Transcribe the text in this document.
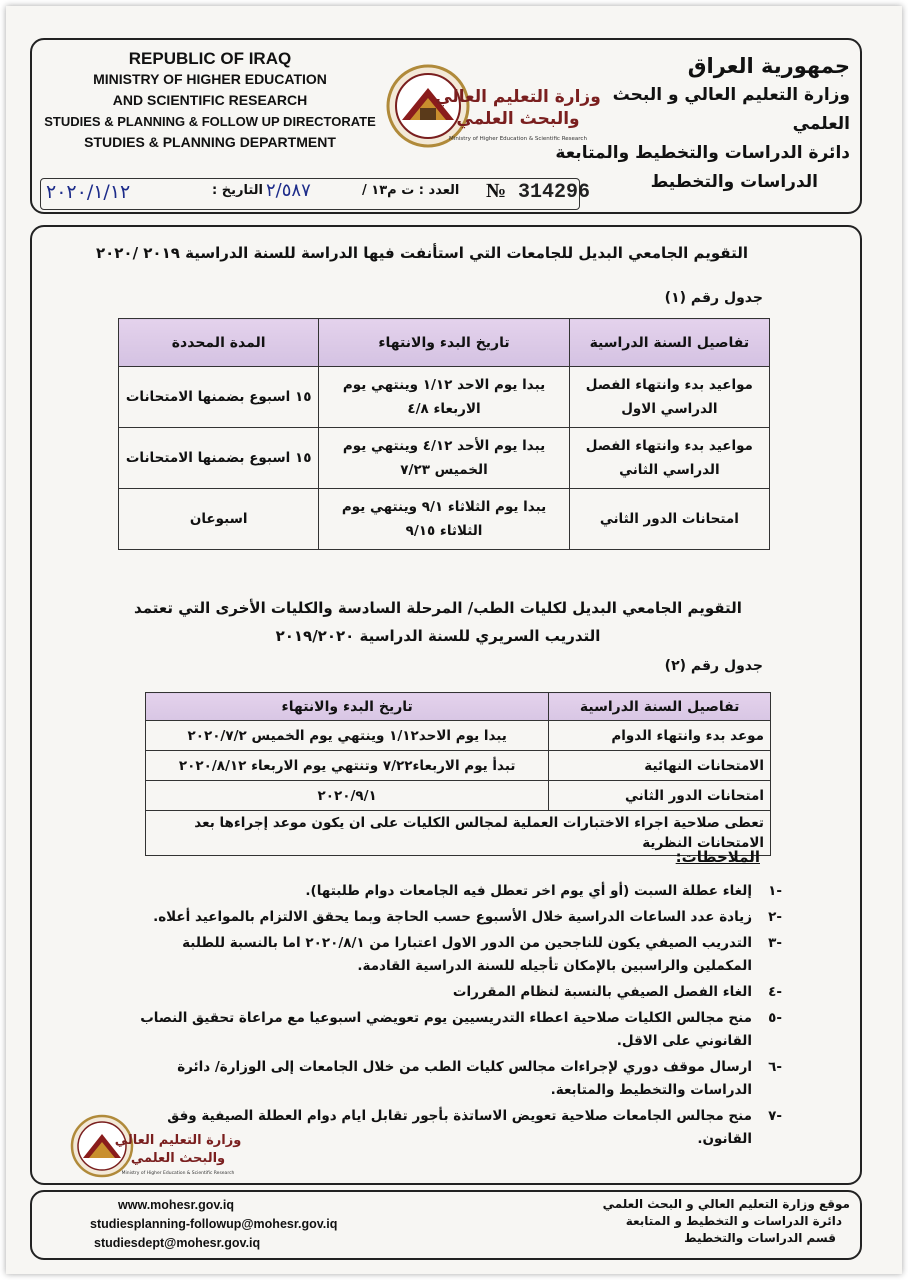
REPUBLIC OF IRAQ
MINISTRY OF HIGHER EDUCATION
AND SCIENTIFIC RESEARCH
STUDIES & PLANNING & FOLLOW UP DIRECTORATE
STUDIES & PLANNING DEPARTMENT
وزارة التعليم العالي
والبحث العلمي
Ministry of Higher Education & Scientific Research
جمهورية العراق
وزارة التعليم العالي و البحث العلمي
دائرة الدراسات والتخطيط والمتابعة
الدراسات والتخطيط
٢٠٢٠/١/١٢	التاريخ : ٢/٥٨٧	العدد : ت م١٣ / № 314296
التقويم الجامعي البديل للجامعات التي استأنفت فيها الدراسة للسنة الدراسية ٢٠١٩ /٢٠٢٠
جدول رقم (١)
تفاصيل السنة الدراسية	تاريخ البدء والانتهاء	المدة المحددة
مواعيد بدء وانتهاء الفصل الدراسي الاول	يبدا يوم الاحد ١/١٢ وينتهي يوم الاربعاء ٤/٨	١٥ اسبوع بضمنها الامتحانات
مواعيد بدء وانتهاء الفصل الدراسي الثاني	يبدا يوم الأحد ٤/١٢ وينتهي يوم الخميس ٧/٢٣	١٥ اسبوع بضمنها الامتحانات
امتحانات الدور الثاني	يبدا يوم الثلاثاء ٩/١ وينتهي يوم الثلاثاء ٩/١٥	اسبوعان
التقويم الجامعي البديل لكليات الطب/ المرحلة السادسة والكليات الأخرى التي تعتمد التدريب السريري للسنة الدراسية ٢٠١٩/٢٠٢٠
جدول رقم (٢)
تفاصيل السنة الدراسية	تاريخ البدء والانتهاء
موعد بدء وانتهاء الدوام	يبدا يوم الاحد١/١٢ وينتهي يوم الخميس ٢٠٢٠/٧/٢
الامتحانات النهائية	تبدأ يوم الاربعاء٧/٢٢ وتنتهي يوم الاربعاء ٢٠٢٠/٨/١٢
امتحانات الدور الثاني	٢٠٢٠/٩/١
تعطى صلاحية اجراء الاختبارات العملية لمجالس الكليات على ان يكون موعد إجراءها بعد الامتحانات النظرية	
الملاحظات:
-١
إلغاء عطلة السبت (أو أي يوم اخر تعطل فيه الجامعات دوام طلبتها).
-٢
زيادة عدد الساعات الدراسية خلال الأسبوع حسب الحاجة وبما يحقق الالتزام بالمواعيد أعلاه.
-٣
التدريب الصيفي يكون للناجحين من الدور الاول اعتبارا من ٢٠٢٠/٨/١ اما بالنسبة للطلبة المكملين والراسبين بالإمكان تأجيله للسنة الدراسية القادمة.
-٤
الغاء الفصل الصيفي بالنسبة لنظام المقررات
-٥
منح مجالس الكليات صلاحية اعطاء التدريسيين يوم تعويضي اسبوعيا مع مراعاة تحقيق النصاب القانوني على الاقل.
-٦
ارسال موقف دوري لإجراءات مجالس كليات الطب من خلال الجامعات إلى الوزارة/ دائرة الدراسات والتخطيط والمتابعة.
-٧
منح مجالس الجامعات صلاحية تعويض الاساتذة بأجور تقابل ايام دوام العطلة الصيفية وفق القانون.
وزارة التعليم العالي
والبحث العلمي
Ministry of Higher Education & Scientific Research
www.mohesr.gov.iq
studiesplanning-followup@mohesr.gov.iq
studiesdept@mohesr.gov.iq
موقع وزارة التعليم العالي و البحث العلمي
دائرة الدراسات و التخطيط و المتابعة
قسم الدراسات والتخطيط
